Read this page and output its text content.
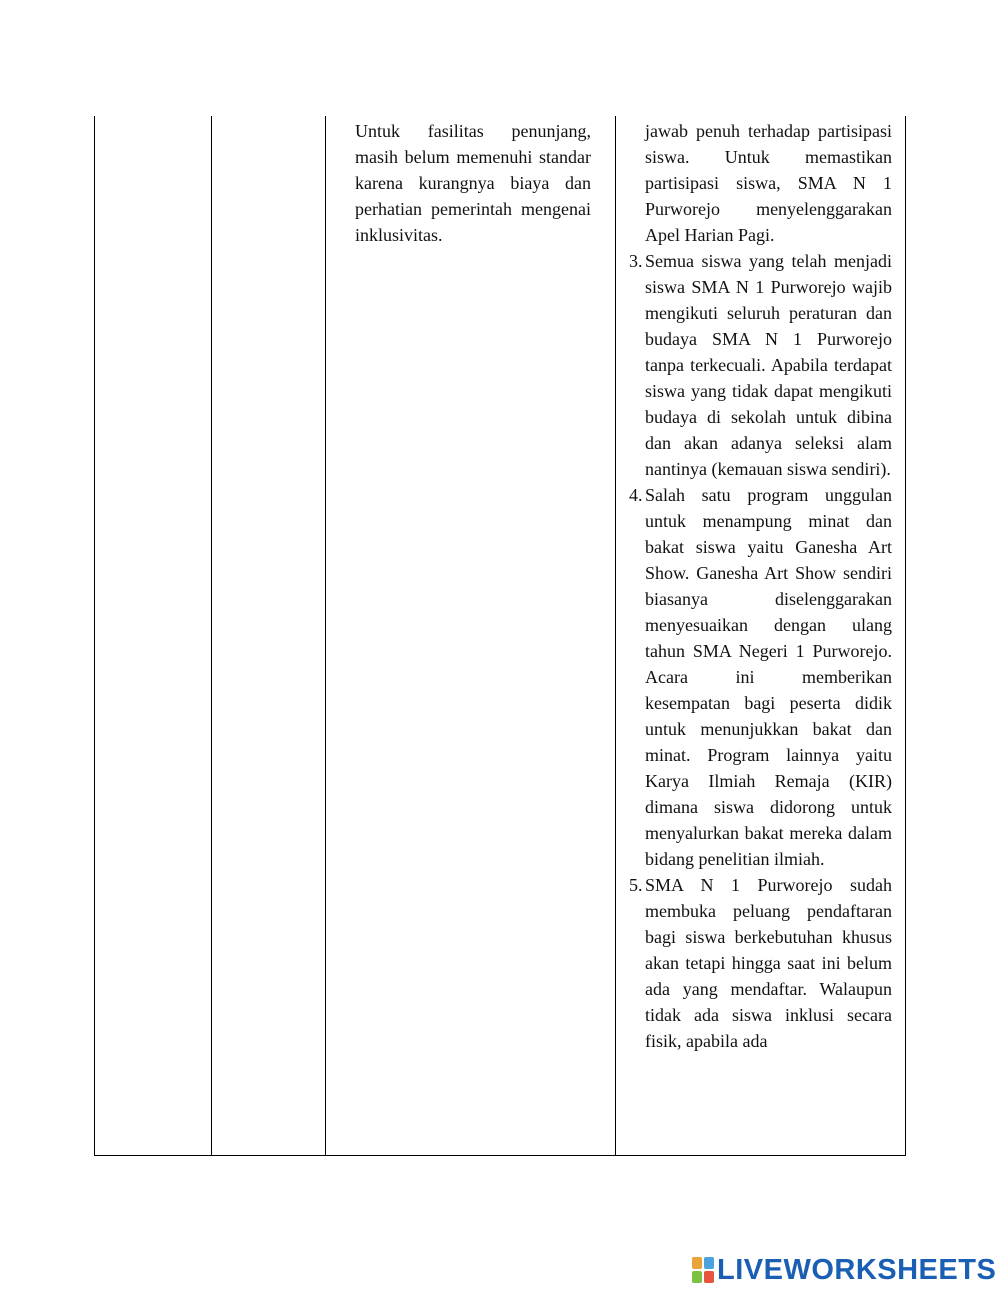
Untuk fasilitas penunjang, masih belum memenuhi standar karena kurangnya biaya dan perhatian pemerintah mengenai inklusivitas.

jawab penuh terhadap partisipasi siswa. Untuk memastikan partisipasi siswa, SMA N 1 Purworejo menyelenggarakan Apel Harian Pagi.

3. Semua siswa yang telah menjadi siswa SMA N 1 Purworejo wajib mengikuti seluruh peraturan dan budaya SMA N 1 Purworejo tanpa terkecuali. Apabila terdapat siswa yang tidak dapat mengikuti budaya di sekolah untuk dibina dan akan adanya seleksi alam nantinya (kemauan siswa sendiri).
4. Salah satu program unggulan untuk menampung minat dan bakat siswa yaitu Ganesha Art Show. Ganesha Art Show sendiri biasanya diselenggarakan menyesuaikan dengan ulang tahun SMA Negeri 1 Purworejo. Acara ini memberikan kesempatan bagi peserta didik untuk menunjukkan bakat dan minat. Program lainnya yaitu Karya Ilmiah Remaja (KIR) dimana siswa didorong untuk menyalurkan bakat mereka dalam bidang penelitian ilmiah.
5. SMA N 1 Purworejo sudah membuka peluang pendaftaran bagi siswa berkebutuhan khusus akan tetapi hingga saat ini belum ada yang mendaftar. Walaupun tidak ada siswa inklusi secara fisik, apabila ada
LIVEWORKSHEETS
